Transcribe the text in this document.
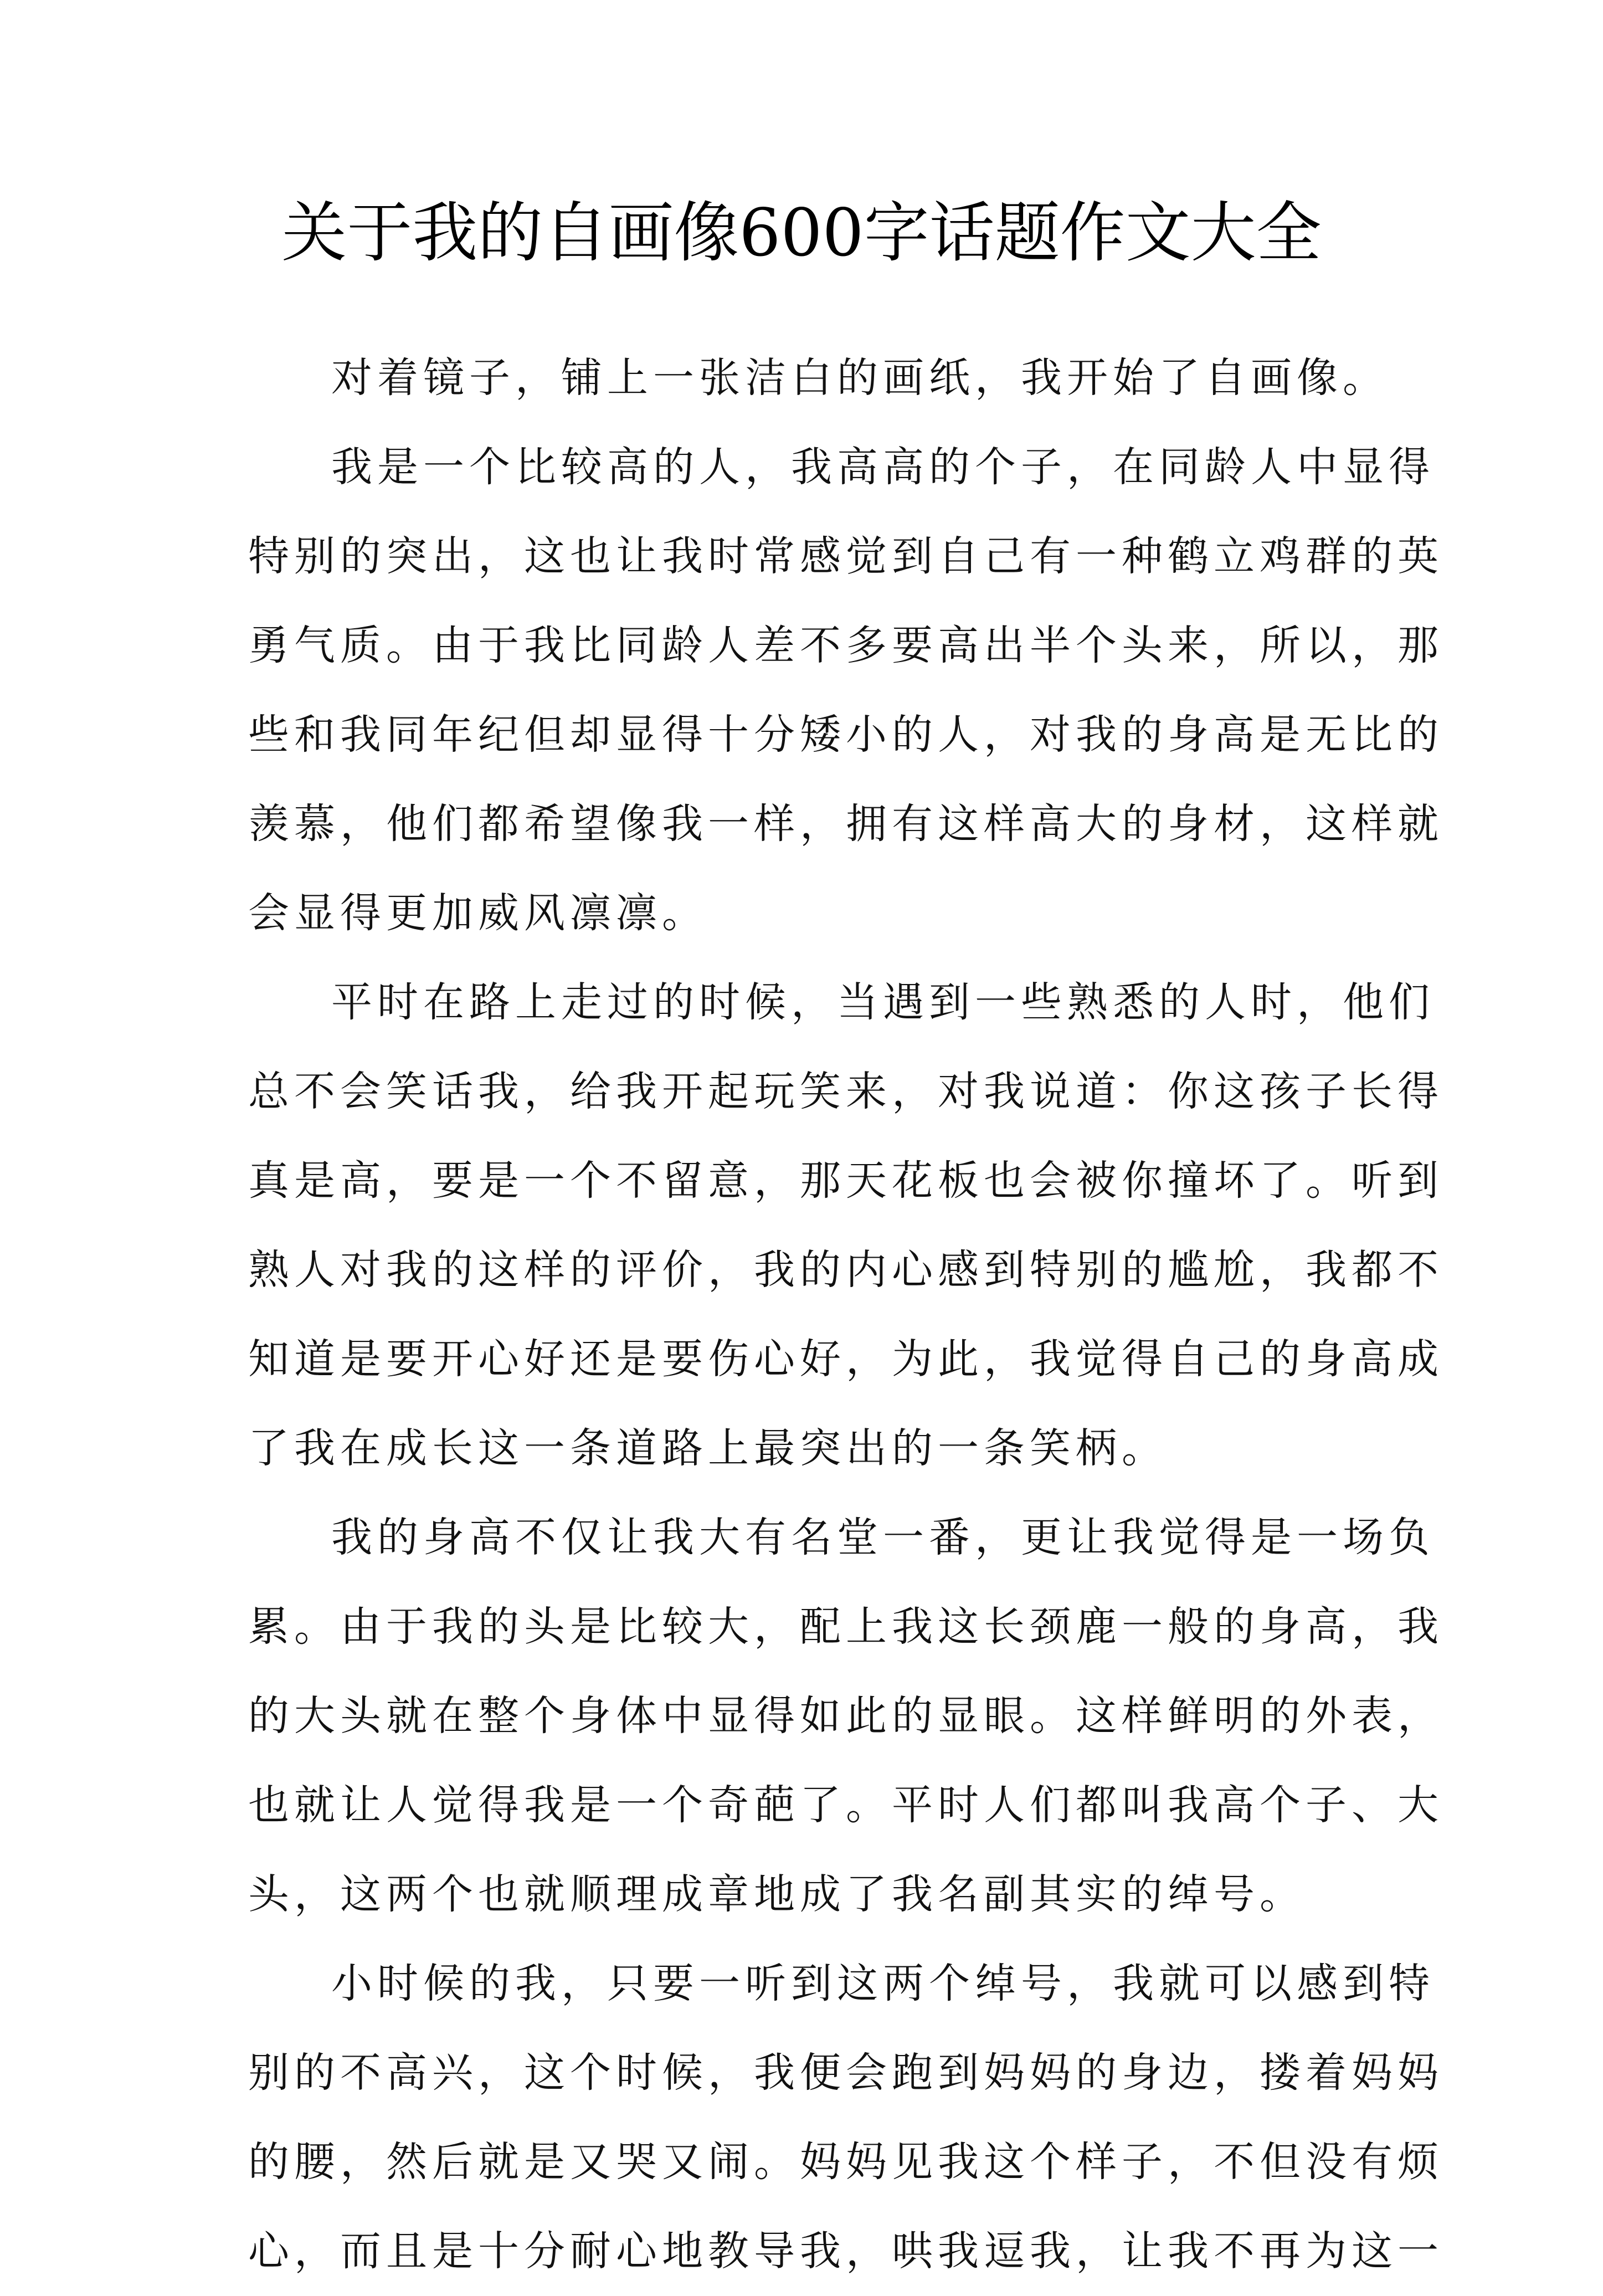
关于我的自画像600字话题作文大全
对着镜子，铺上一张洁白的画纸，我开始了自画像。
我是一个比较高的人，我高高的个子，在同龄人中显得
特别的突出，这也让我时常感觉到自己有一种鹤立鸡群的英
勇气质。由于我比同龄人差不多要高出半个头来，所以，那
些和我同年纪但却显得十分矮小的人，对我的身高是无比的
羡慕，他们都希望像我一样，拥有这样高大的身材，这样就
会显得更加威风凛凛。
平时在路上走过的时候，当遇到一些熟悉的人时，他们
总不会笑话我，给我开起玩笑来，对我说道：你这孩子长得
真是高，要是一个不留意，那天花板也会被你撞坏了。听到
熟人对我的这样的评价，我的内心感到特别的尴尬，我都不
知道是要开心好还是要伤心好，为此，我觉得自己的身高成
了我在成长这一条道路上最突出的一条笑柄。
我的身高不仅让我大有名堂一番，更让我觉得是一场负
累。由于我的头是比较大，配上我这长颈鹿一般的身高，我
的大头就在整个身体中显得如此的显眼。这样鲜明的外表，
也就让人觉得我是一个奇葩了。平时人们都叫我高个子、大
头，这两个也就顺理成章地成了我名副其实的绰号。
小时候的我，只要一听到这两个绰号，我就可以感到特
别的不高兴，这个时候，我便会跑到妈妈的身边，搂着妈妈
的腰，然后就是又哭又闹。妈妈见我这个样子，不但没有烦
心，而且是十分耐心地教导我，哄我逗我，让我不再为这一
